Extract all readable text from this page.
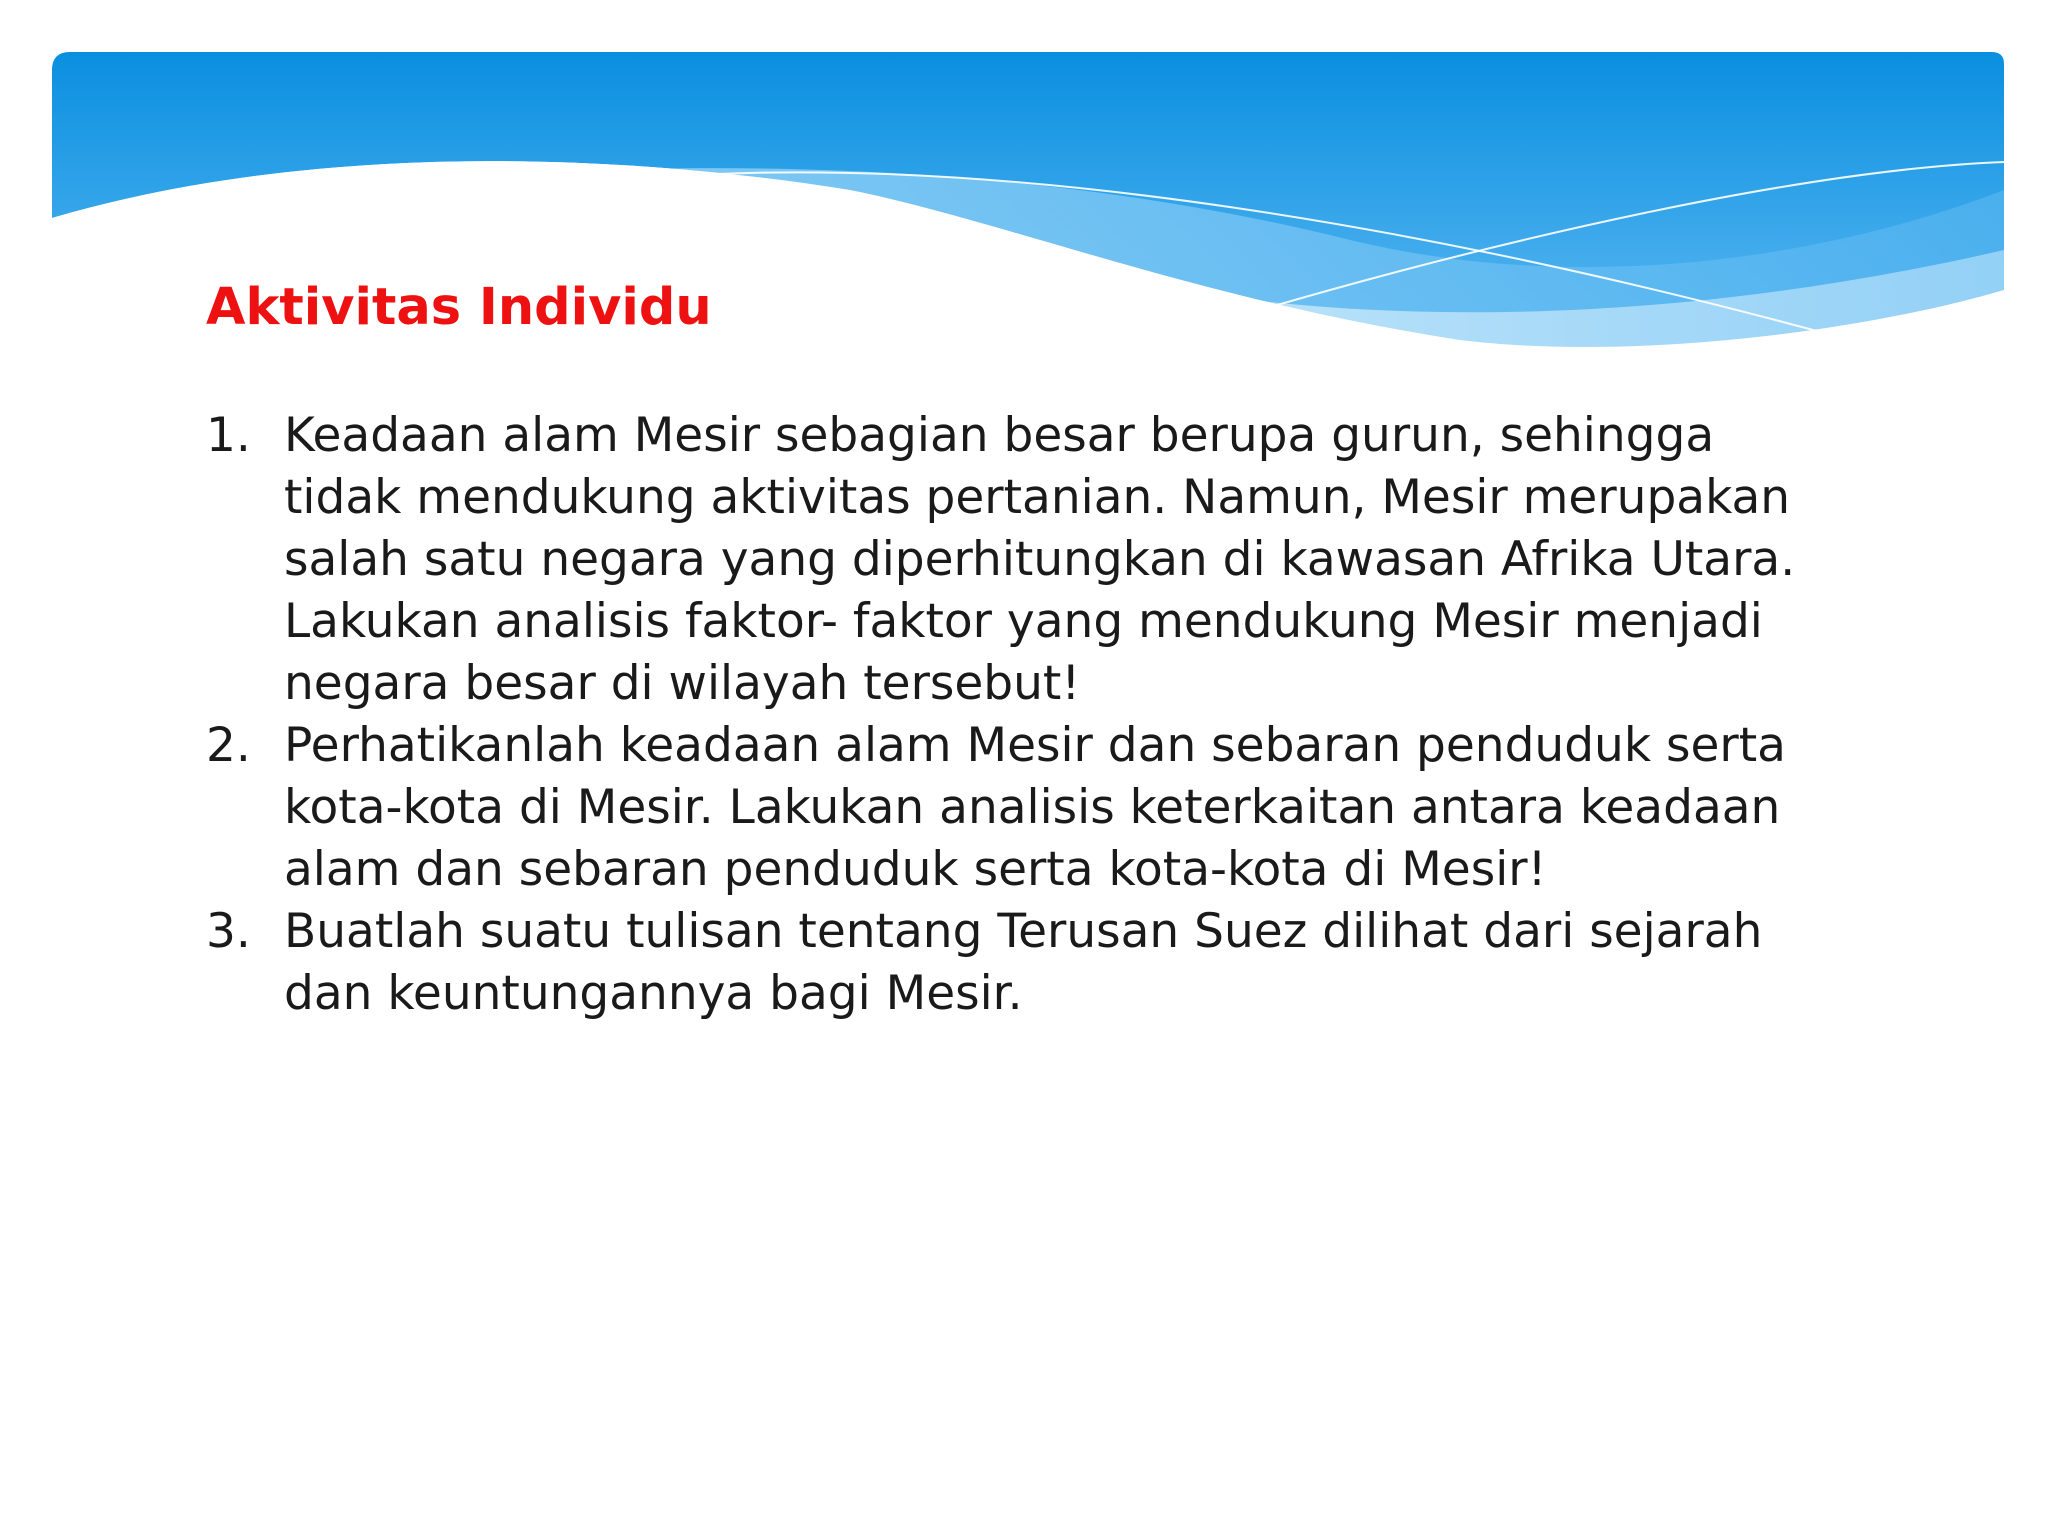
Aktivitas Individu
1. Keadaan alam Mesir sebagian besar berupa gurun, sehingga tidak mendukung aktivitas pertanian. Namun, Mesir merupakan salah satu negara yang diperhitungkan di kawasan Afrika Utara. Lakukan analisis faktor- faktor yang mendukung Mesir menjadi negara besar di wilayah tersebut!
2. Perhatikanlah keadaan alam Mesir dan sebaran penduduk serta kota-kota di Mesir. Lakukan analisis keterkaitan antara keadaan alam dan sebaran penduduk serta kota-kota di Mesir!
3. Buatlah suatu tulisan tentang Terusan Suez dilihat dari sejarah dan keuntungannya bagi Mesir.
